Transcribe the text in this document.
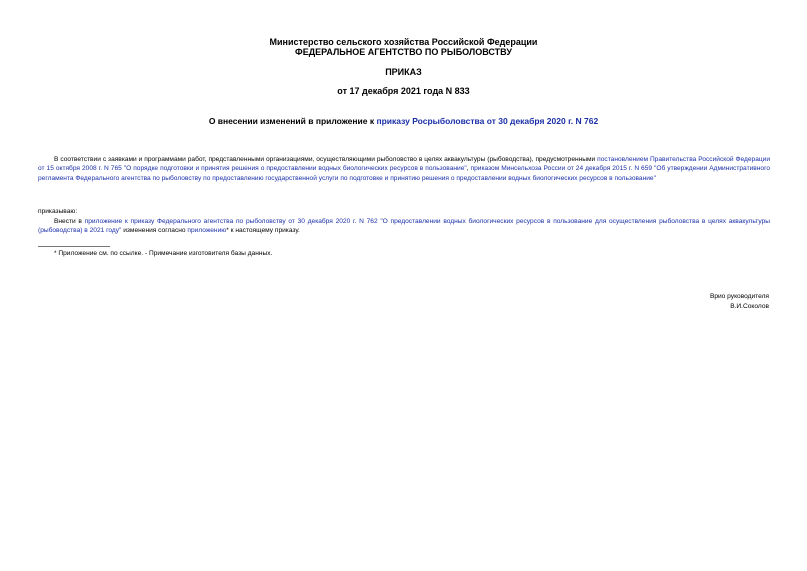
Министерство сельского хозяйства Российской Федерации
ФЕДЕРАЛЬНОЕ АГЕНТСТВО ПО РЫБОЛОВСТВУ
ПРИКАЗ
от 17 декабря 2021 года N 833
О внесении изменений в приложение к приказу Росрыболовства от 30 декабря 2020 г. N 762
В соответствии с заявками и программами работ, представленными организациями, осуществляющими рыболовство в целях аквакультуры (рыбоводства), предусмотренными постановлением Правительства Российской Федерации от 15 октября 2008 г. N 765 "О порядке подготовки и принятия решения о предоставлении водных биологических ресурсов в пользование", приказом Минсельхоза России от 24 декабря 2015 г. N 659 "Об утверждении Административного регламента Федерального агентства по рыболовству по предоставлению государственной услуги по подготовке и принятию решения о предоставлении водных биологических ресурсов в пользование"
приказываю:
Внести в приложение к приказу Федерального агентства по рыболовству от 30 декабря 2020 г. N 762 "О предоставлении водных биологических ресурсов в пользование для осуществления рыболовства в целях аквакультуры (рыбоводства) в 2021 году" изменения согласно приложению* к настоящему приказу.
* Приложение см. по ссылке. - Примечание изготовителя базы данных.
Врио руководителя
В.И.Соколов
